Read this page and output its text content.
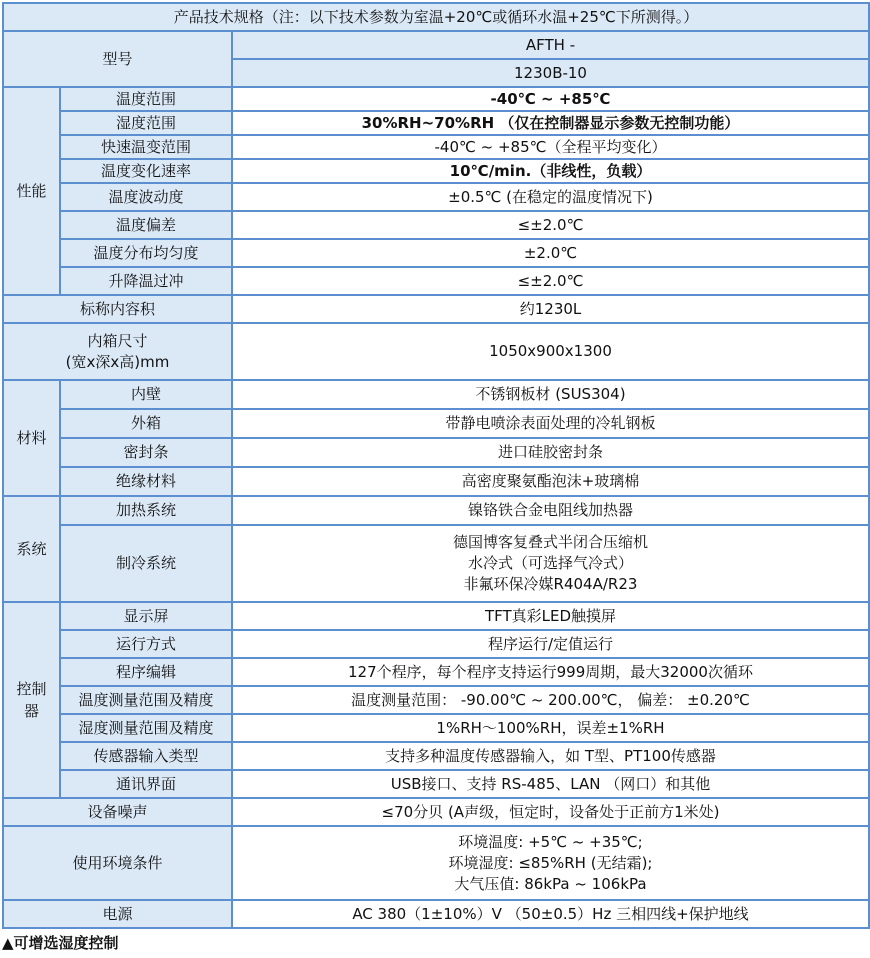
产品技术规格（注：以下技术参数为室温+20℃或循环水温+25℃下所测得。）		
型号		AFTH -
		1230B-10
性能	温度范围	-40℃ ~ +85℃
	湿度范围	30%RH~70%RH （仅在控制器显示参数无控制功能）
	快速温变范围	-40℃ ~ +85℃（全程平均变化）
	温度变化速率	10℃/min.（非线性，负载）
	温度波动度	±0.5℃ (在稳定的温度情况下)
	温度偏差	≤±2.0℃
	温度分布均匀度	±2.0℃
	升降温过冲	≤±2.0℃
标称内容积		约1230L

内箱尺寸
(宽x深x高)mm		1050x900x1300
材料	内壁	不锈钢板材 (SUS304)
	外箱	带静电喷涂表面处理的冷轧钢板
	密封条	进口硅胶密封条
	绝缘材料	高密度聚氨酯泡沫+玻璃棉
系统	加热系统	镍铬铁合金电阻线加热器
	制冷系统	德国博客复叠式半闭合压缩机
水冷式（可选择气冷式）
非氟环保冷媒R404A/R23

控制
器	显示屏	TFT真彩LED触摸屏
	运行方式	程序运行/定值运行
	程序编辑	127个程序，每个程序支持运行999周期，最大32000次循环
	温度测量范围及精度	温度测量范围： -90.00℃ ~ 200.00℃， 偏差： ±0.20℃
	湿度测量范围及精度	1%RH～100%RH，误差±1%RH
	传感器输入类型	支持多种温度传感器输入，如 T型、PT100传感器
	通讯界面	USB接口、支持 RS-485、LAN （网口）和其他
设备噪声		≤70分贝 (A声级，恒定时，设备处于正前方1米处)
使用环境条件		环境温度: +5℃ ~ +35℃;
环境湿度: ≤85%RH (无结霜);
大气压值: 86kPa ~ 106kPa

电源		AC 380（1±10%）V （50±0.5）Hz 三相四线+保护地线
▲可增选湿度控制
